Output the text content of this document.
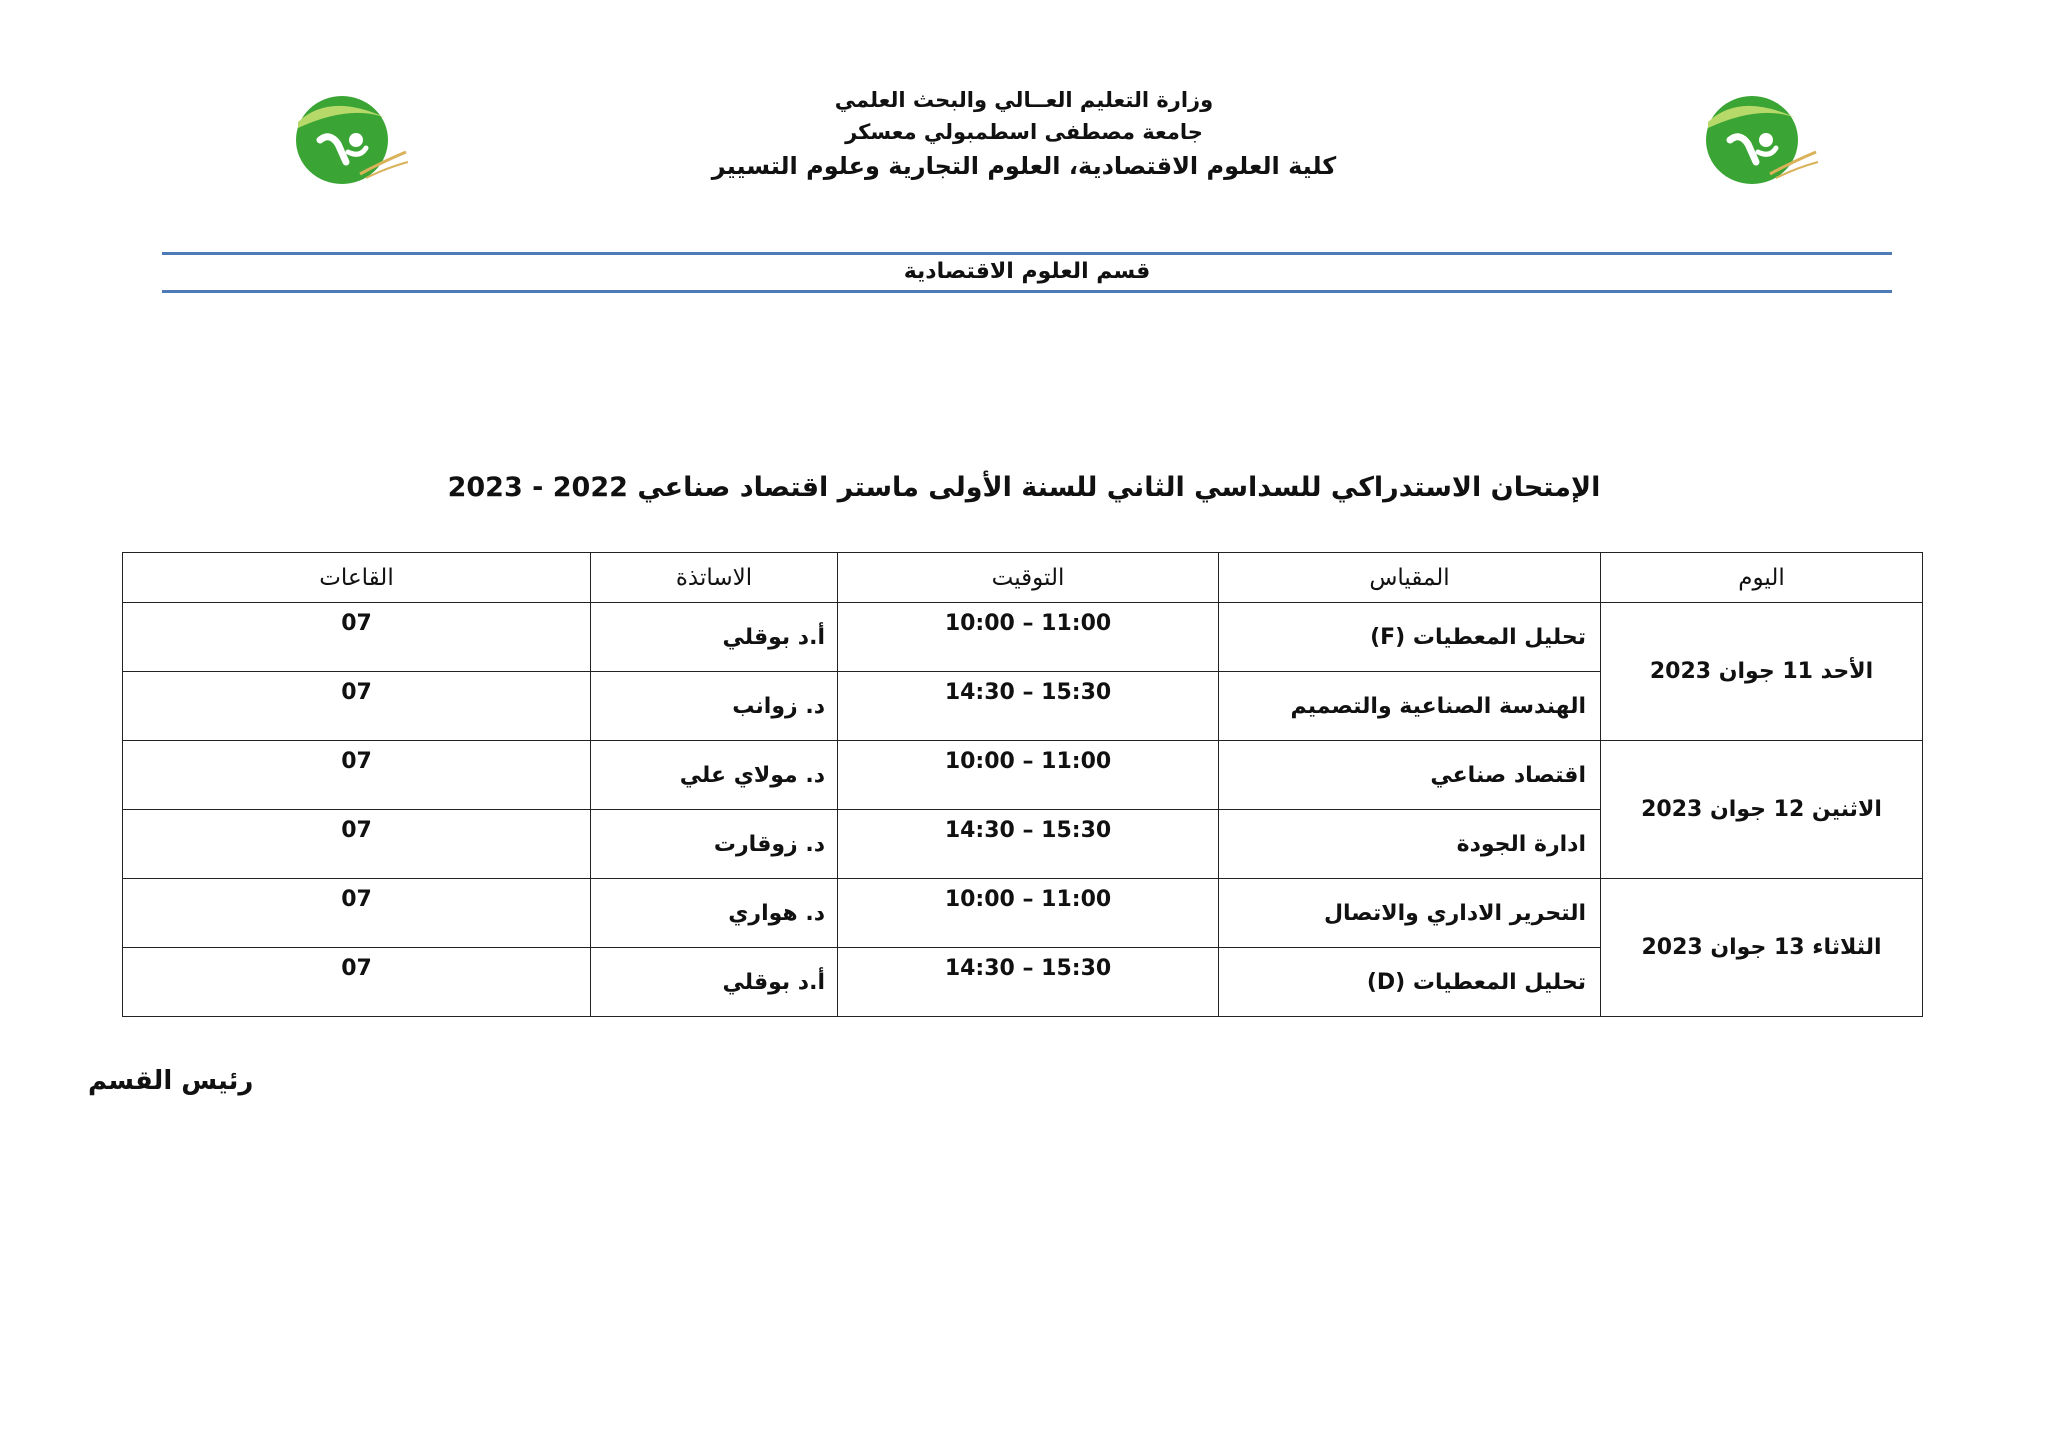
وزارة التعليم العــالي والبحث العلمي
جامعة مصطفى اسطمبولي معسكر
كلية العلوم الاقتصادية، العلوم التجارية وعلوم التسيير
قسم العلوم الاقتصادية
الإمتحان الاستدراكي للسداسي الثاني للسنة الأولى ماستر اقتصاد صناعي 2022 - 2023
اليوم	المقياس	التوقيت	الاساتذة	القاعات
الأحد 11 جوان 2023	تحليل المعطيات (F)	10:00 – 11:00	أ.د بوقلي	07
	الهندسة الصناعية والتصميم	14:30 – 15:30	د. زوانب	07
الاثنين 12 جوان 2023	اقتصاد صناعي	10:00 – 11:00	د. مولاي علي	07
	ادارة الجودة	14:30 – 15:30	د. زوقارت	07
الثلاثاء 13 جوان 2023	التحرير الاداري والاتصال	10:00 – 11:00	د. هواري	07
	تحليل المعطيات (D)	14:30 – 15:30	أ.د بوقلي	07
رئيس القسم
